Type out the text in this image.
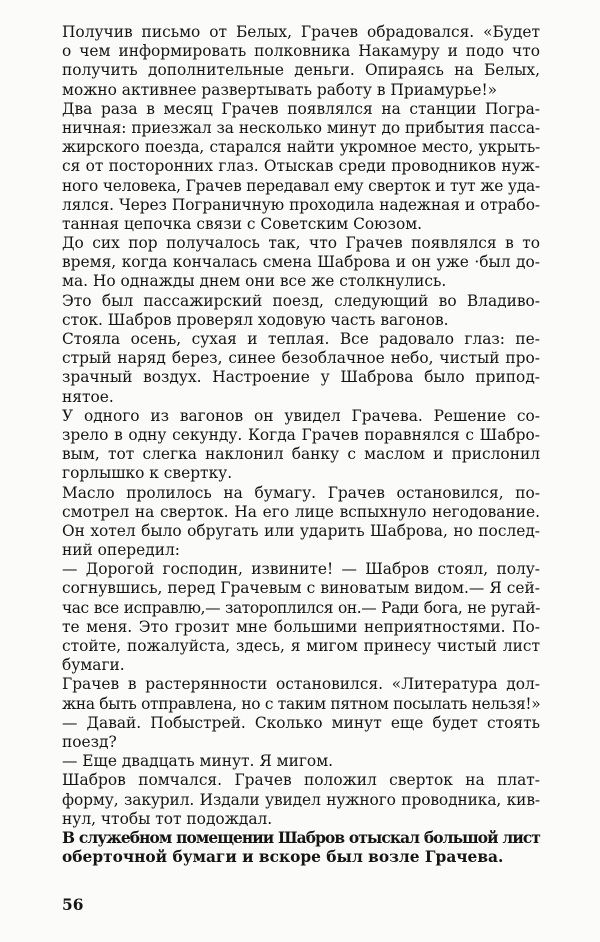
Получив письмо от Белых, Грачев обрадовался. «Будет
о чем информировать полковника Накамуру и подо что
получить дополнительные деньги. Опираясь на Белых,
можно активнее развертывать работу в Приамурье!»
Два раза в месяц Грачев появлялся на станции Погра-
ничная: приезжал за несколько минут до прибытия пасса-
жирского поезда, старался найти укромное место, укрыть-
ся от посторонних глаз. Отыскав среди проводников нуж-
ного человека, Грачев передавал ему сверток и тут же уда-
лялся. Через Пограничную проходила надежная и отрабо-
танная цепочка связи с Советским Союзом.
До сих пор получалось так, что Грачев появлялся в то
время, когда кончалась смена Шаброва и он уже ·был до-
ма. Но однажды днем они все же столкнулись.
Это был пассажирский поезд, следующий во Владиво-
сток. Шабров проверял ходовую часть вагонов.
Стояла осень, сухая и теплая. Все радовало глаз: пе-
стрый наряд берез, синее безоблачное небо, чистый про-
зрачный воздух. Настроение у Шаброва было припод-
нятое.
У одного из вагонов он увидел Грачева. Решение со-
зрело в одну секунду. Когда Грачев поравнялся с Шабро-
вым, тот слегка наклонил банку с маслом и прислонил
горлышко к свертку.
Масло пролилось на бумагу. Грачев остановился, по-
смотрел на сверток. На его лице вспыхнуло негодование.
Он хотел было обругать или ударить Шаброва, но послед-
ний опередил:
— Дорогой господин, извините! — Шабров стоял, полу-
согнувшись, перед Грачевым с виноватым видом.— Я сей-
час все исправлю,— затороплился он.— Ради бога, не ругай-
те меня. Это грозит мне большими неприятностями. По-
стойте, пожалуйста, здесь, я мигом принесу чистый лист
бумаги.
Грачев в растерянности остановился. «Литература дол-
жна быть отправлена, но с таким пятном посылать нельзя!»
— Давай. Побыстрей. Сколько минут еще будет стоять
поезд?
— Еще двадцать минут. Я мигом.
Шабров помчался. Грачев положил сверток на плат-
форму, закурил. Издали увидел нужного проводника, кив-
нул, чтобы тот подождал.
В служебном помещении Шабров отыскал большой лист
оберточной бумаги и вскоре был возле Грачева.
56
